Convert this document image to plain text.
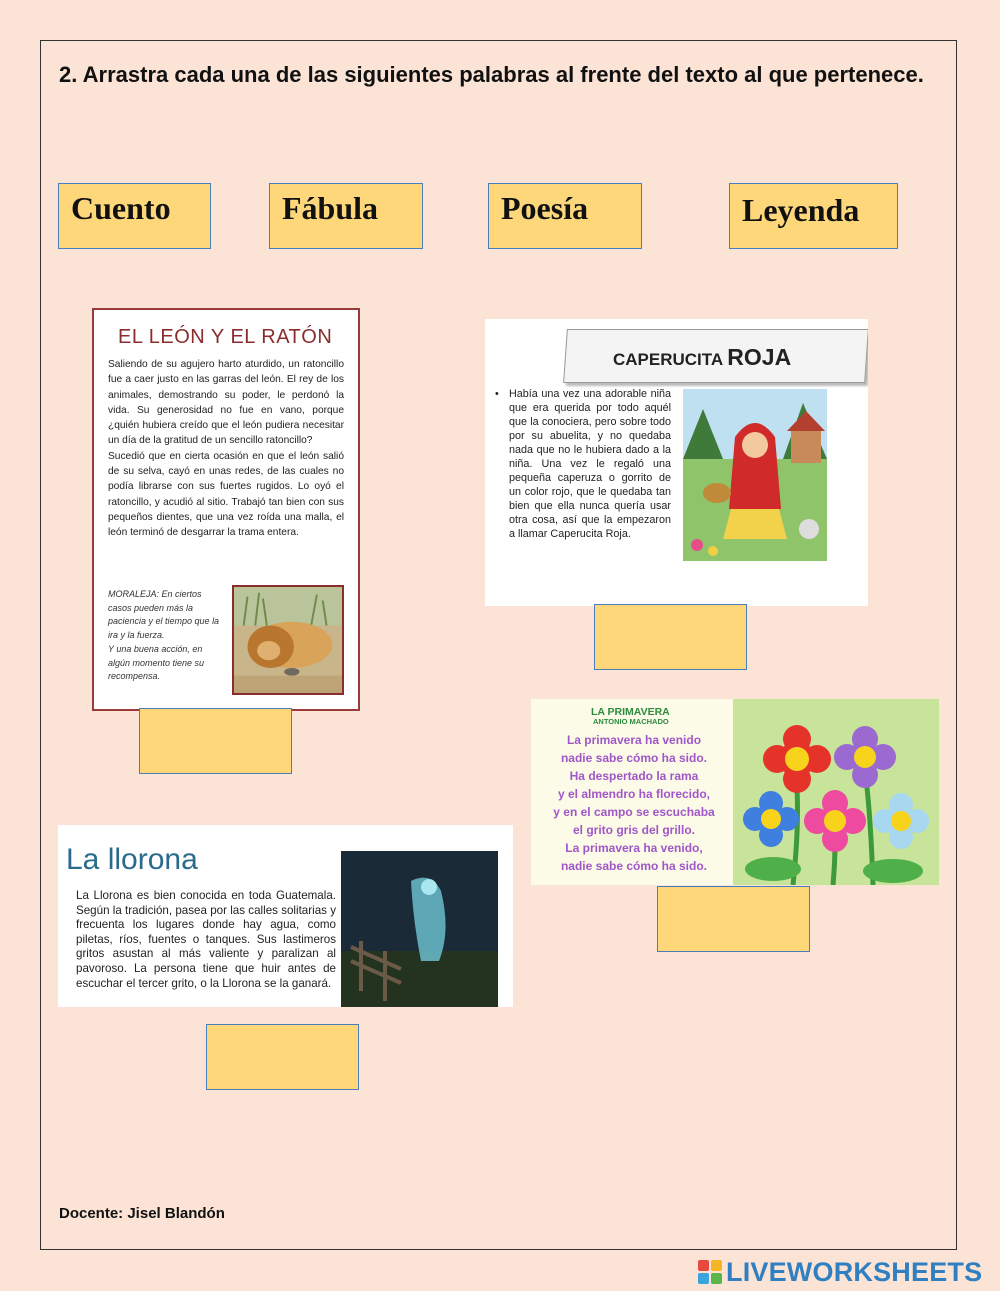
2. Arrastra cada una de las siguientes palabras al frente del texto al que pertenece.
Cuento	Fábula	Poesía	Leyenda
EL LEÓN Y EL RATÓN
Saliendo de su agujero harto aturdido, un ratoncillo fue a caer justo en las garras del león. El rey de los animales, demostrando su poder, le perdonó la vida. Su generosidad no fue en vano, porque ¿quién hubiera creído que el león pudiera necesitar un día de la gratitud de un sencillo ratoncillo?
Sucedió que en cierta ocasión en que el león salió de su selva, cayó en unas redes, de las cuales no podía librarse con sus fuertes rugidos. Lo oyó el ratoncillo, y acudió al sitio. Trabajó tan bien con sus pequeños dientes, que una vez roída una malla, el león terminó de desgarrar la trama entera.
MORALEJA: En ciertos casos pueden más la paciencia y el tiempo que la ira y la fuerza.
Y una buena acción, en algún momento tiene su recompensa.
CAPERUCITA ROJA
• Había una vez una adorable niña que era querida por todo aquél que la conociera, pero sobre todo por su abuelita, y no quedaba nada que no le hubiera dado a la niña. Una vez le regaló una pequeña caperuza o gorrito de un color rojo, que le quedaba tan bien que ella nunca quería usar otra cosa, así que la empezaron a llamar Caperucita Roja.
LA PRIMAVERA
ANTONIO MACHADO
La primavera ha venido
nadie sabe cómo ha sido.
Ha despertado la rama
y el almendro ha florecido,
y en el campo se escuchaba
el grito gris del grillo.
La primavera ha venido,
nadie sabe cómo ha sido.
La llorona
La Llorona es bien conocida en toda Guatemala. Según la tradición, pasea por las calles solitarias y frecuenta los lugares donde hay agua, como piletas, ríos, fuentes o tanques. Sus lastimeros gritos asustan al más valiente y paralizan al pavoroso. La persona tiene que huir antes de escuchar el tercer grito, o la Llorona se la ganará.
Docente: Jisel Blandón
LIVEWORKSHEETS
